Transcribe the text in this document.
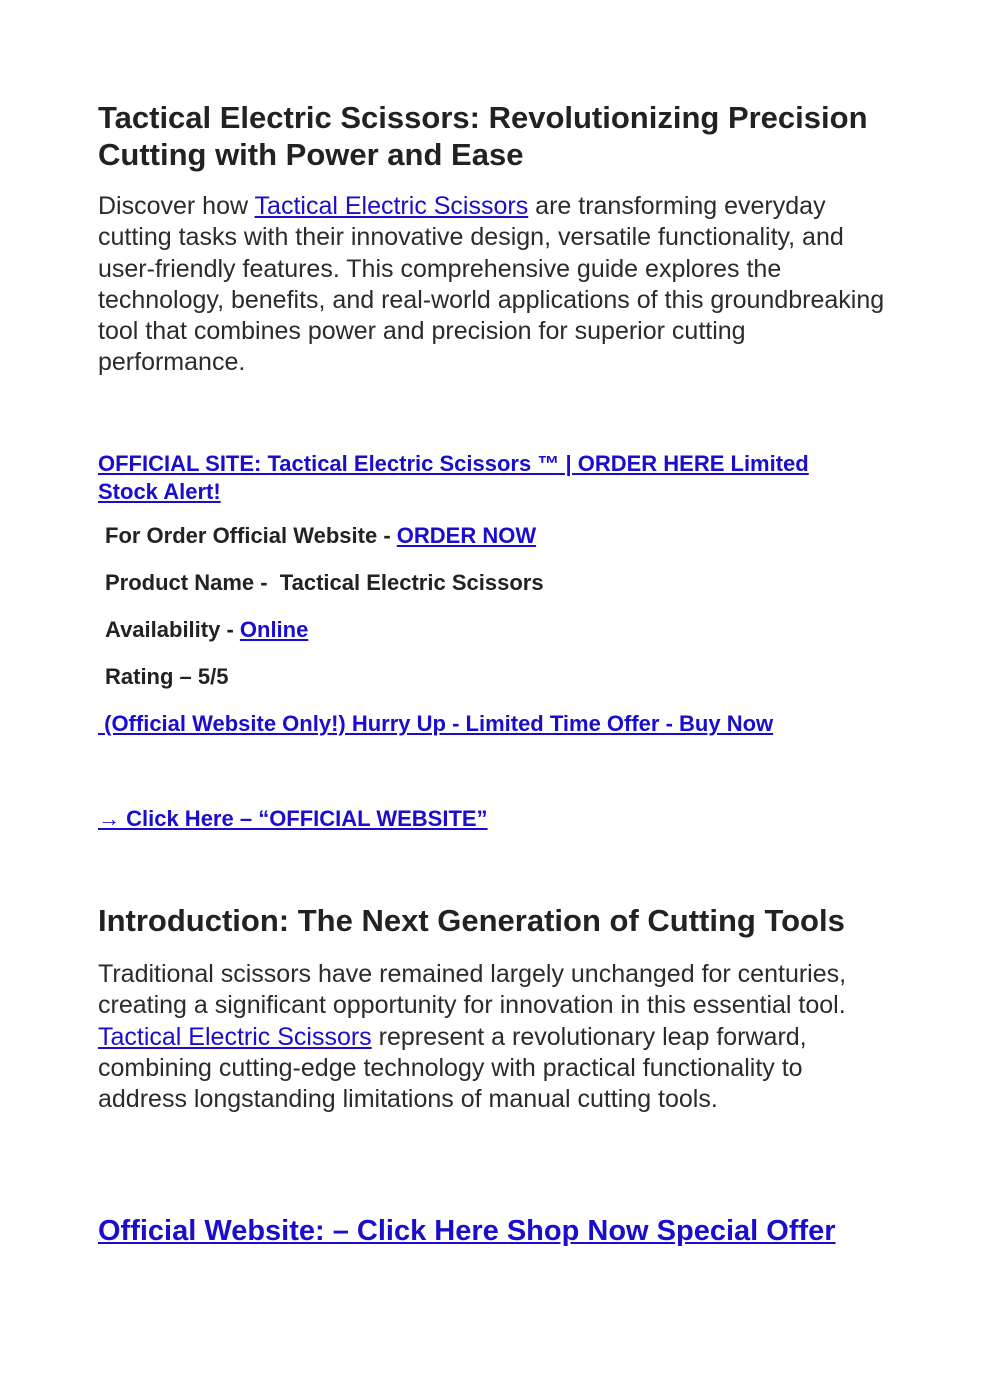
Tactical Electric Scissors: Revolutionizing Precision Cutting with Power and Ease

Discover how Tactical Electric Scissors are transforming everyday cutting tasks with their innovative design, versatile functionality, and user-friendly features. This comprehensive guide explores the technology, benefits, and real-world applications of this groundbreaking tool that combines power and precision for superior cutting performance.

OFFICIAL SITE: Tactical Electric Scissors ™ | ORDER HERE Limited Stock Alert!

For Order Official Website - ORDER NOW

Product Name -  Tactical Electric Scissors

Availability - Online

Rating – 5/5

(Official Website Only!) Hurry Up - Limited Time Offer - Buy Now

→ Click Here – “OFFICIAL WEBSITE”

Introduction: The Next Generation of Cutting Tools

Traditional scissors have remained largely unchanged for centuries, creating a significant opportunity for innovation in this essential tool. Tactical Electric Scissors represent a revolutionary leap forward, combining cutting-edge technology with practical functionality to address longstanding limitations of manual cutting tools.

Official Website: – Click Here Shop Now Special Offer
